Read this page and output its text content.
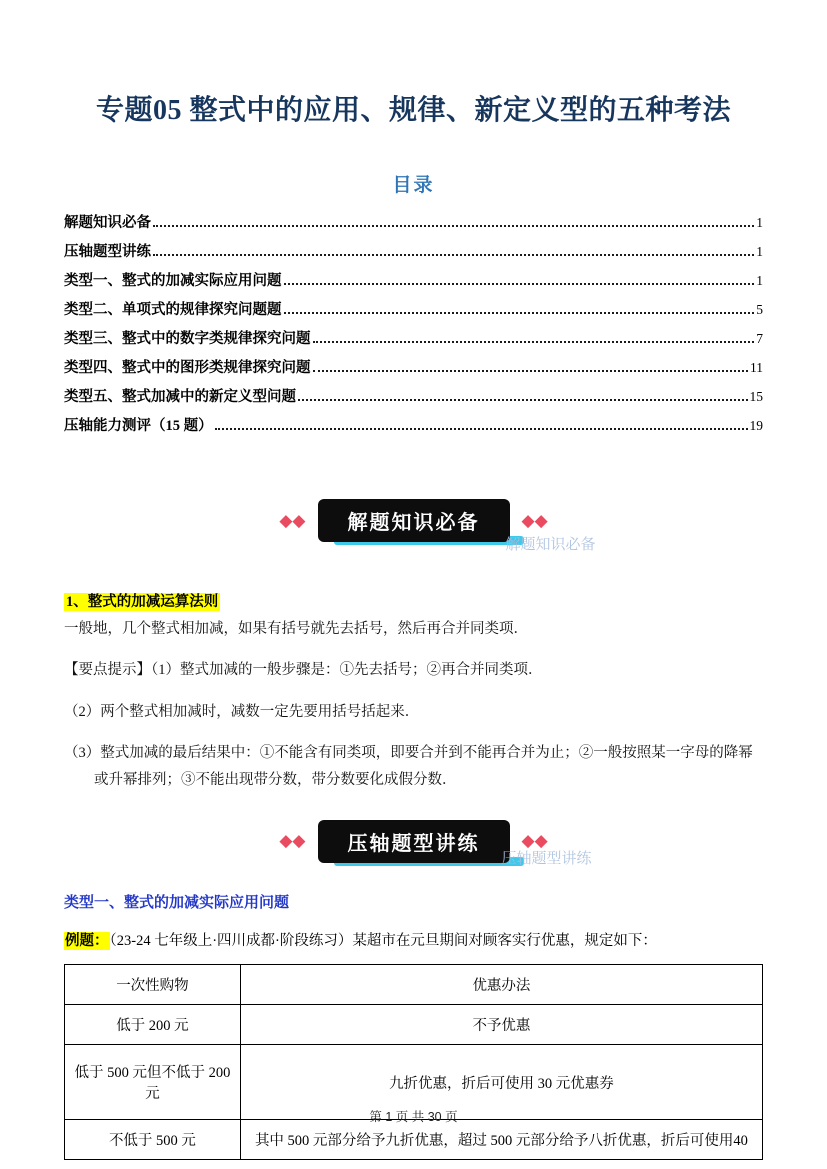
专题05 整式中的应用、规律、新定义型的五种考法
目录
解题知识必备	1
压轴题型讲练	1
类型一、整式的加减实际应用问题	1
类型二、单项式的规律探究问题题	5
类型三、整式中的数字类规律探究问题	7
类型四、整式中的图形类规律探究问题	11
类型五、整式加减中的新定义型问题	15
压轴能力测评（15 题）	19
◆◆	解题知识必备	◆◆
解题知识必备
1、整式的加减运算法则

一般地，几个整式相加减，如果有括号就先去括号，然后再合并同类项．

【要点提示】（1）整式加减的一般步骤是：①先去括号；②再合并同类项．

（2）两个整式相加减时，减数一定先要用括号括起来．

（3）整式加减的最后结果中：①不能含有同类项，即要合并到不能再合并为止；②一般按照某一字母的降幂或升幂排列；③不能出现带分数，带分数要化成假分数．

◆◆	压轴题型讲练	◆◆
压轴题型讲练
类型一、整式的加减实际应用问题

例题：（23-24 七年级上·四川成都·阶段练习）某超市在元旦期间对顾客实行优惠，规定如下：

一次性购物	优惠办法
低于 200 元	不予优惠
低于 500 元但不低于 200 元	九折优惠，折后可使用 30 元优惠券
不低于 500 元	其中 500 元部分给予九折优惠，超过 500 元部分给予八折优惠，折后可使用40
第 1 页 共 30 页
